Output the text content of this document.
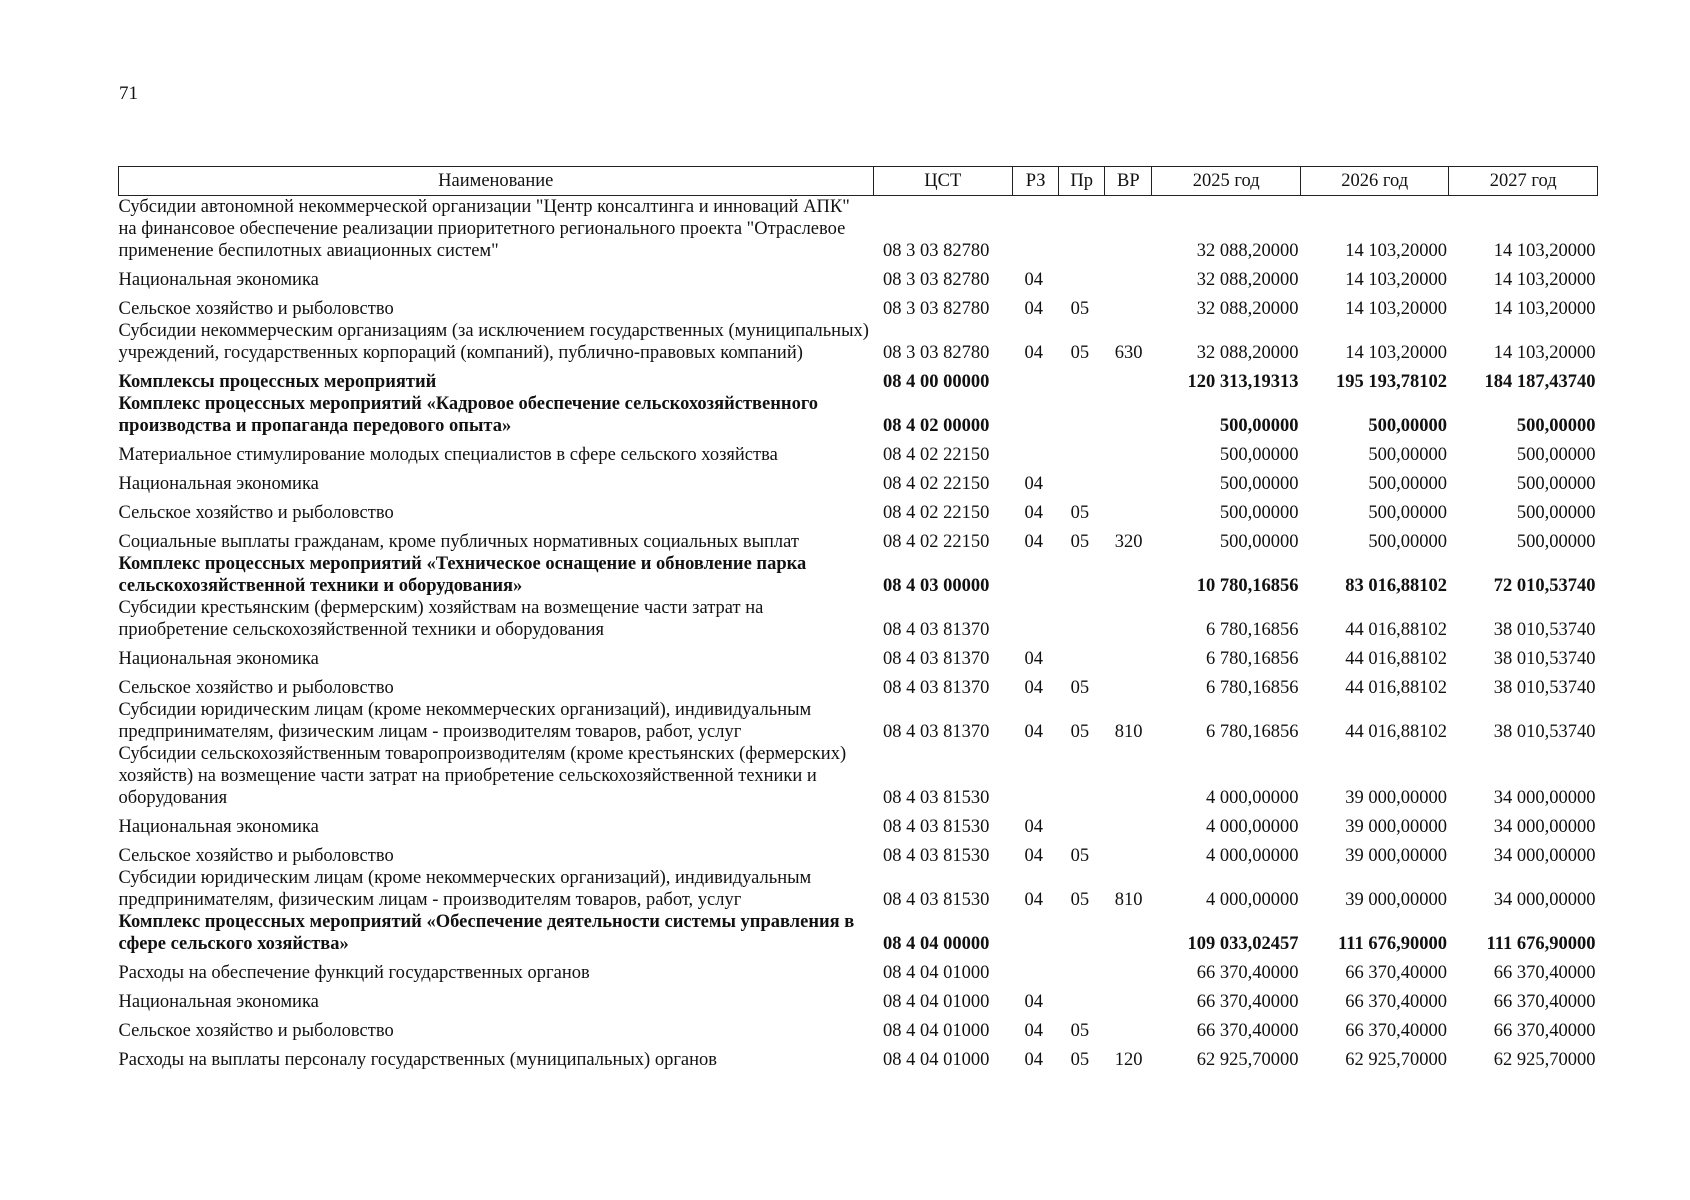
71
Наименование	ЦСТ	РЗ	Пр	ВР	2025 год	2026 год	2027 год
Субсидии автономной некоммерческой организации "Центр консалтинга и инноваций АПК" на финансовое обеспечение реализации приоритетного регионального проекта "Отраслевое применение беспилотных авиационных систем"	08 3 03 82780				32 088,20000	14 103,20000	14 103,20000
Национальная экономика	08 3 03 82780	04			32 088,20000	14 103,20000	14 103,20000
Сельское хозяйство и рыболовство	08 3 03 82780	04	05		32 088,20000	14 103,20000	14 103,20000
Субсидии некоммерческим организациям (за исключением государственных (муниципальных) учреждений, государственных корпораций (компаний), публично-правовых компаний)	08 3 03 82780	04	05	630	32 088,20000	14 103,20000	14 103,20000
Комплексы процессных мероприятий	08 4 00 00000				120 313,19313	195 193,78102	184 187,43740
Комплекс процессных мероприятий «Кадровое обеспечение сельскохозяйственного производства и пропаганда передового опыта»	08 4 02 00000				500,00000	500,00000	500,00000
Материальное стимулирование молодых специалистов в сфере сельского хозяйства	08 4 02 22150				500,00000	500,00000	500,00000
Национальная экономика	08 4 02 22150	04			500,00000	500,00000	500,00000
Сельское хозяйство и рыболовство	08 4 02 22150	04	05		500,00000	500,00000	500,00000
Социальные выплаты гражданам, кроме публичных нормативных социальных выплат	08 4 02 22150	04	05	320	500,00000	500,00000	500,00000
Комплекс процессных мероприятий «Техническое оснащение и обновление парка сельскохозяйственной техники и оборудования»	08 4 03 00000				10 780,16856	83 016,88102	72 010,53740
Субсидии крестьянским (фермерским) хозяйствам на возмещение части затрат на приобретение сельскохозяйственной техники и оборудования	08 4 03 81370				6 780,16856	44 016,88102	38 010,53740
Национальная экономика	08 4 03 81370	04			6 780,16856	44 016,88102	38 010,53740
Сельское хозяйство и рыболовство	08 4 03 81370	04	05		6 780,16856	44 016,88102	38 010,53740
Субсидии юридическим лицам (кроме некоммерческих организаций), индивидуальным предпринимателям, физическим лицам - производителям товаров, работ, услуг	08 4 03 81370	04	05	810	6 780,16856	44 016,88102	38 010,53740
Субсидии сельскохозяйственным товаропроизводителям (кроме крестьянских (фермерских) хозяйств) на возмещение части затрат на приобретение сельскохозяйственной техники и оборудования	08 4 03 81530				4 000,00000	39 000,00000	34 000,00000
Национальная экономика	08 4 03 81530	04			4 000,00000	39 000,00000	34 000,00000
Сельское хозяйство и рыболовство	08 4 03 81530	04	05		4 000,00000	39 000,00000	34 000,00000
Субсидии юридическим лицам (кроме некоммерческих организаций), индивидуальным предпринимателям, физическим лицам - производителям товаров, работ, услуг	08 4 03 81530	04	05	810	4 000,00000	39 000,00000	34 000,00000
Комплекс процессных мероприятий «Обеспечение деятельности системы управления в сфере сельского хозяйства»	08 4 04 00000				109 033,02457	111 676,90000	111 676,90000
Расходы на обеспечение функций государственных органов	08 4 04 01000				66 370,40000	66 370,40000	66 370,40000
Национальная экономика	08 4 04 01000	04			66 370,40000	66 370,40000	66 370,40000
Сельское хозяйство и рыболовство	08 4 04 01000	04	05		66 370,40000	66 370,40000	66 370,40000
Расходы на выплаты персоналу государственных (муниципальных) органов	08 4 04 01000	04	05	120	62 925,70000	62 925,70000	62 925,70000
